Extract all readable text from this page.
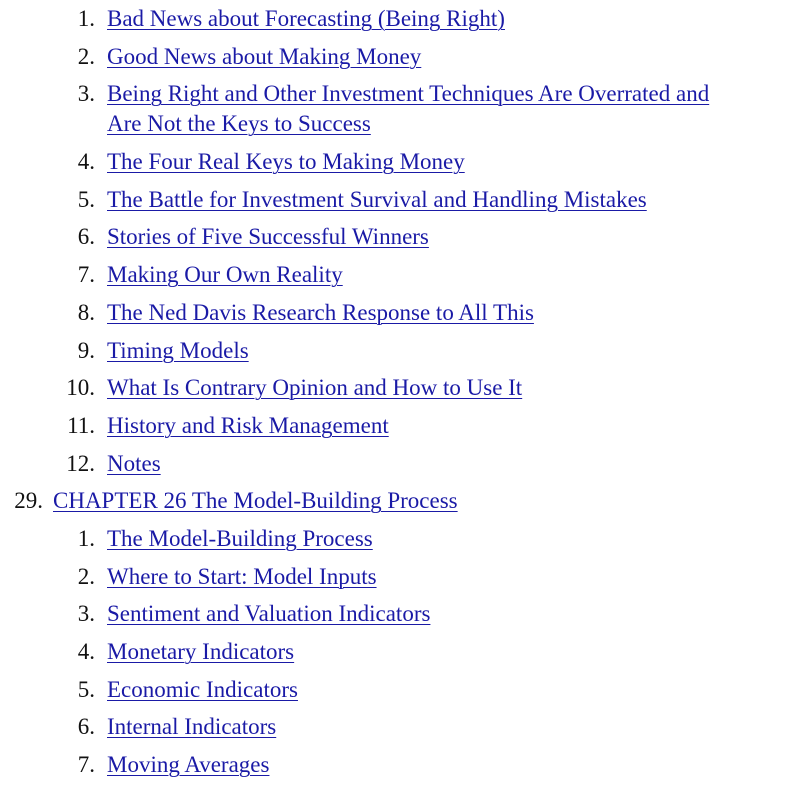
1. Bad News about Forecasting (Being Right)
2. Good News about Making Money
3. Being Right and Other Investment Techniques Are Overrated and
Are Not the Keys to Success
4. The Four Real Keys to Making Money
5. The Battle for Investment Survival and Handling Mistakes
6. Stories of Five Successful Winners
7. Making Our Own Reality
8. The Ned Davis Research Response to All This
9. Timing Models
10. What Is Contrary Opinion and How to Use It
11. History and Risk Management
12. Notes
29. CHAPTER 26 The Model-Building Process
1. The Model-Building Process
2. Where to Start: Model Inputs
3. Sentiment and Valuation Indicators
4. Monetary Indicators
5. Economic Indicators
6. Internal Indicators
7. Moving Averages
